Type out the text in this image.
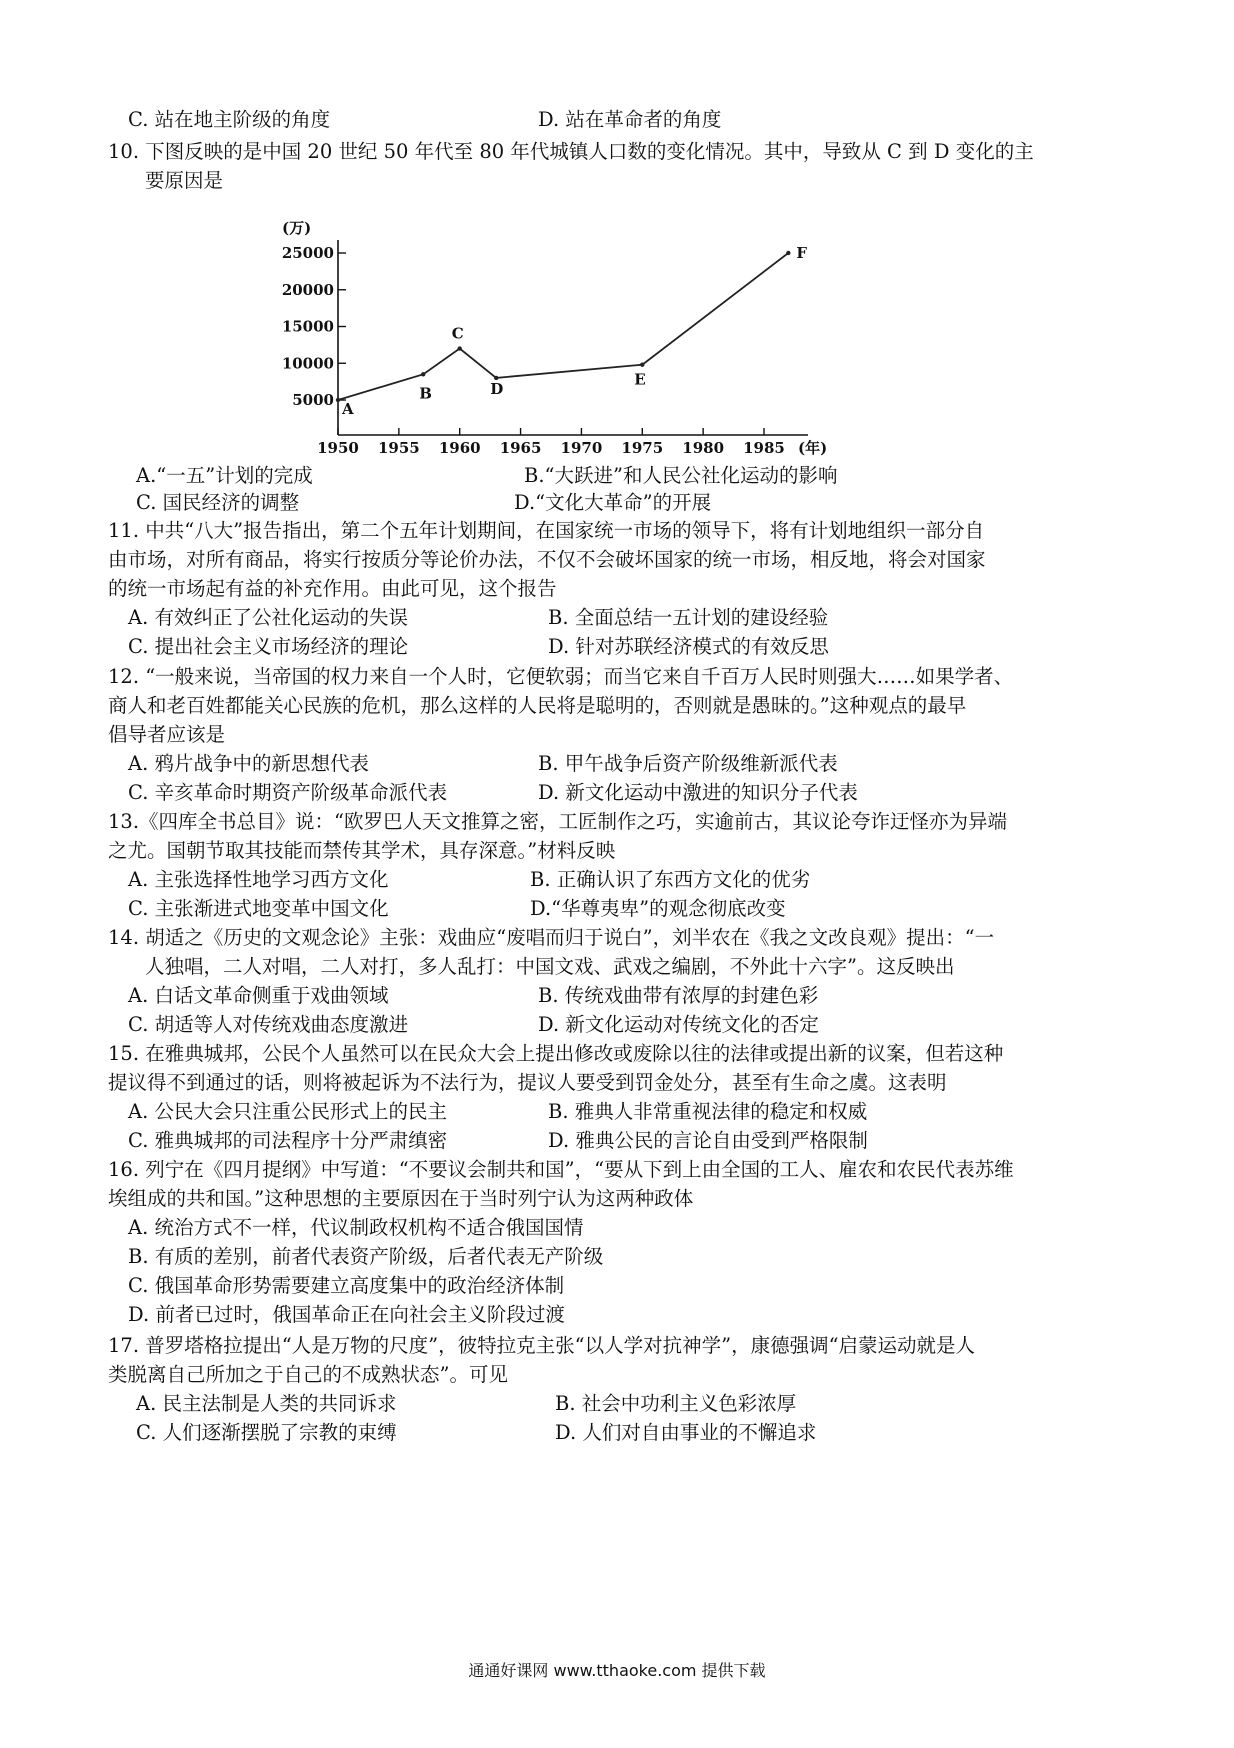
C. 站在地主阶级的角度	D. 站在革命者的角度
10. 下图反映的是中国 20 世纪 50 年代至 80 年代城镇人口数的变化情况。其中，导致从 C 到 D 变化的主
要原因是
5000
10000
15000
20000
25000
1950 1955 1960 1965 1970 1975 1980 1985
A
B
C
D
E
F
(万)
(年)
A.“一五”计划的完成	B.“大跃进”和人民公社化运动的影响
C. 国民经济的调整	D.“文化大革命”的开展
11. 中共“八大”报告指出，第二个五年计划期间，在国家统一市场的领导下，将有计划地组织一部分自
由市场，对所有商品，将实行按质分等论价办法，不仅不会破坏国家的统一市场，相反地，将会对国家
的统一市场起有益的补充作用。由此可见，这个报告
A. 有效纠正了公社化运动的失误	B. 全面总结一五计划的建设经验
C. 提出社会主义市场经济的理论	D. 针对苏联经济模式的有效反思
12. “一般来说，当帝国的权力来自一个人时，它便软弱；而当它来自千百万人民时则强大……如果学者、
商人和老百姓都能关心民族的危机，那么这样的人民将是聪明的，否则就是愚昧的。”这种观点的最早
倡导者应该是
A. 鸦片战争中的新思想代表	B. 甲午战争后资产阶级维新派代表
C. 辛亥革命时期资产阶级革命派代表	D. 新文化运动中激进的知识分子代表
13.《四库全书总目》说：“欧罗巴人天文推算之密，工匠制作之巧，实逾前古，其议论夸诈迂怪亦为异端
之尤。国朝节取其技能而禁传其学术，具存深意。”材料反映
A. 主张选择性地学习西方文化	B. 正确认识了东西方文化的优劣
C. 主张渐进式地变革中国文化	D.“华尊夷卑”的观念彻底改变
14. 胡适之《历史的文观念论》主张：戏曲应“废唱而归于说白”，刘半农在《我之文改良观》提出：“一
人独唱，二人对唱，二人对打，多人乱打：中国文戏、武戏之编剧，不外此十六字”。这反映出
A. 白话文革命侧重于戏曲领域	B. 传统戏曲带有浓厚的封建色彩
C. 胡适等人对传统戏曲态度激进	D. 新文化运动对传统文化的否定
15. 在雅典城邦，公民个人虽然可以在民众大会上提出修改或废除以往的法律或提出新的议案，但若这种
提议得不到通过的话，则将被起诉为不法行为，提议人要受到罚金处分，甚至有生命之虞。这表明
A. 公民大会只注重公民形式上的民主	B. 雅典人非常重视法律的稳定和权威
C. 雅典城邦的司法程序十分严肃缜密	D. 雅典公民的言论自由受到严格限制
16. 列宁在《四月提纲》中写道：“不要议会制共和国”，“要从下到上由全国的工人、雇农和农民代表苏维
埃组成的共和国。”这种思想的主要原因在于当时列宁认为这两种政体
A. 统治方式不一样，代议制政权机构不适合俄国国情
B. 有质的差别，前者代表资产阶级，后者代表无产阶级
C. 俄国革命形势需要建立高度集中的政治经济体制
D. 前者已过时，俄国革命正在向社会主义阶段过渡
17. 普罗塔格拉提出“人是万物的尺度”，彼特拉克主张“以人学对抗神学”，康德强调“启蒙运动就是人
类脱离自己所加之于自己的不成熟状态”。可见
A. 民主法制是人类的共同诉求	B. 社会中功利主义色彩浓厚
C. 人们逐渐摆脱了宗教的束缚	D. 人们对自由事业的不懈追求
通通好课网 www.tthaoke.com 提供下载
